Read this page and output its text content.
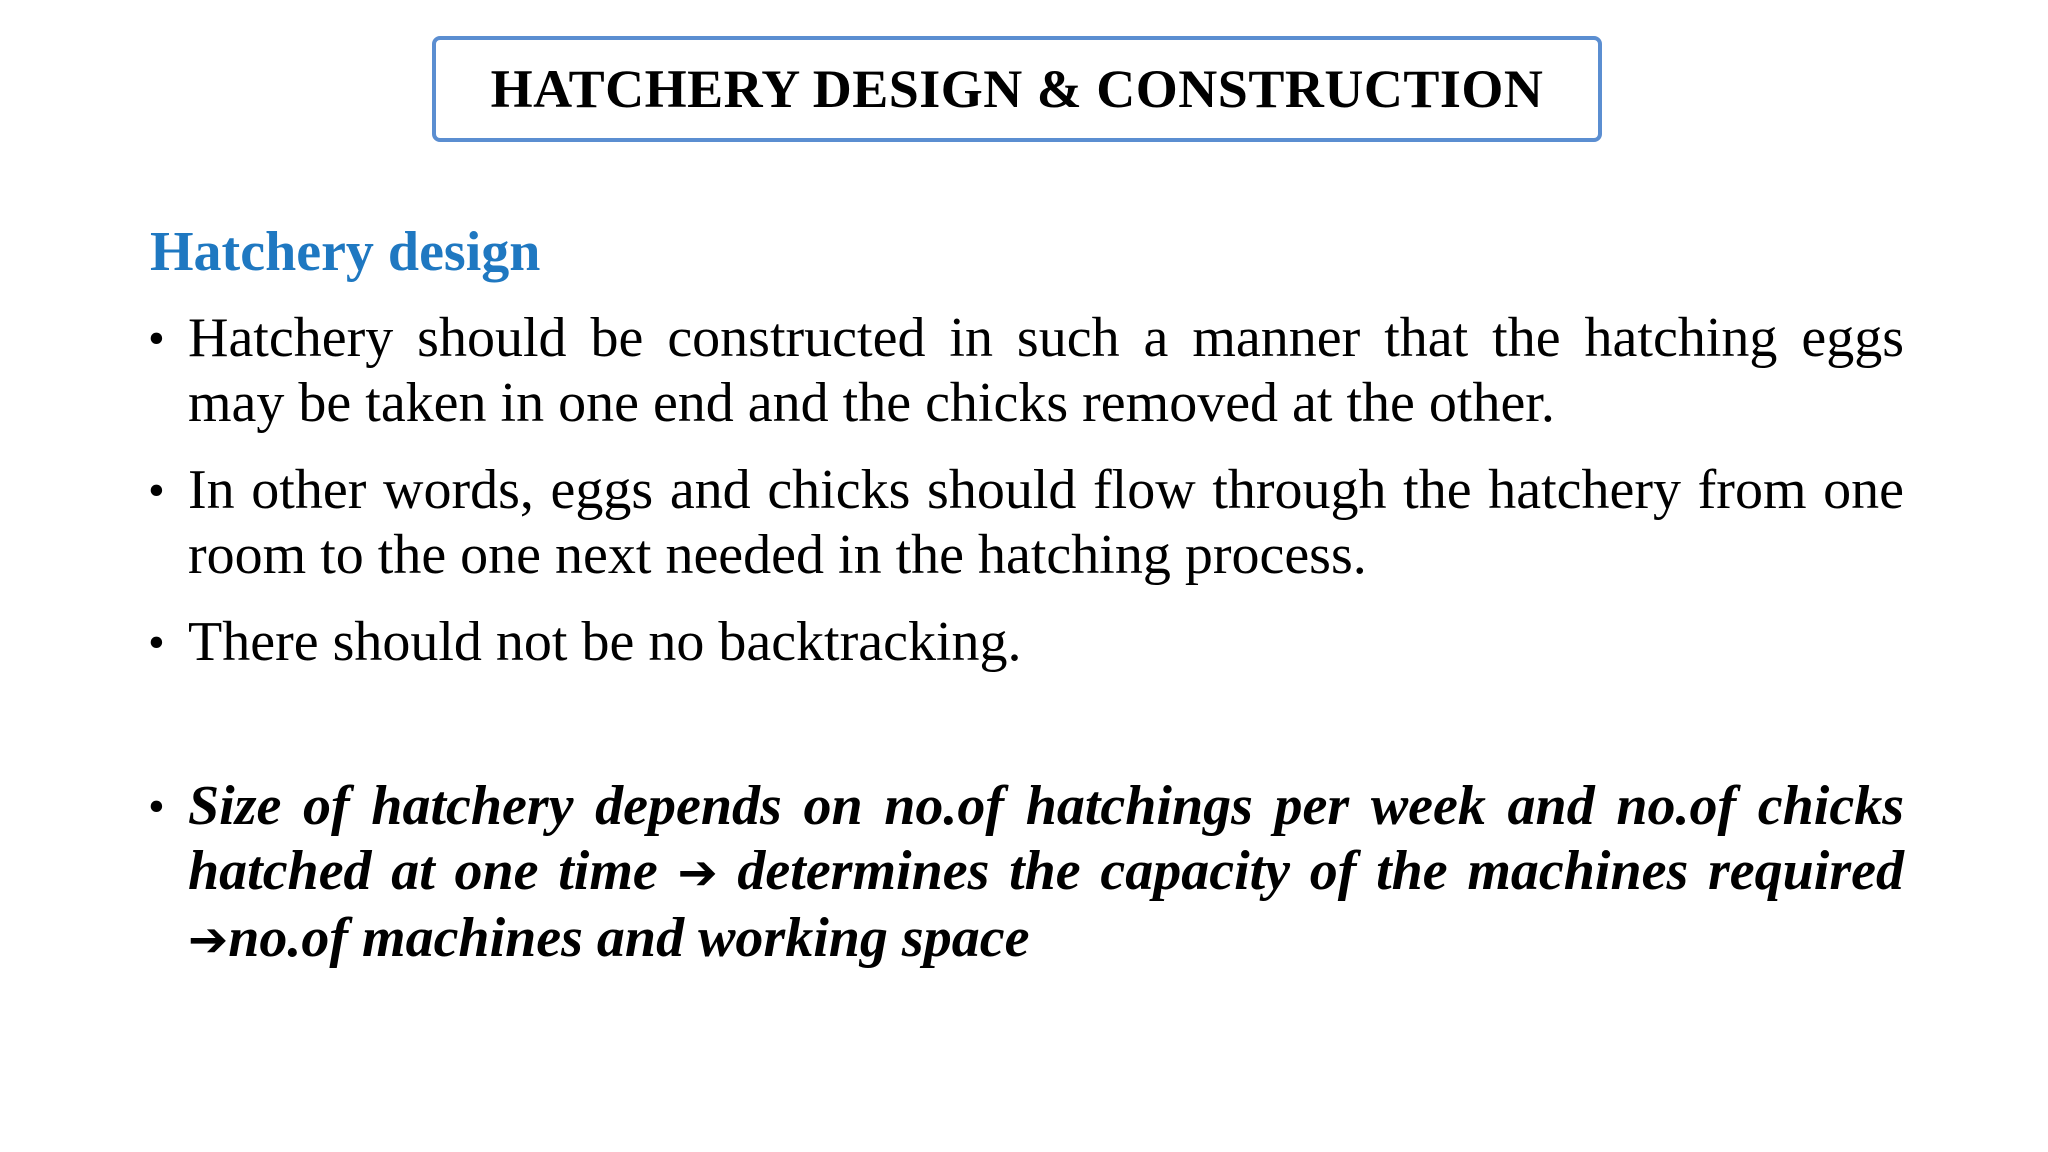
HATCHERY DESIGN & CONSTRUCTION
Hatchery design
• Hatchery should be constructed in such a manner that the hatching eggs may be taken in one end and the chicks removed at the other.
• In other words, eggs and chicks should flow through the hatchery from one room to the one next needed in the hatching process.
• There should not be no backtracking.
• Size of hatchery depends on no.of hatchings per week and no.of chicks hatched at one time ➔ determines the capacity of the machines required ➔no.of machines and working space
